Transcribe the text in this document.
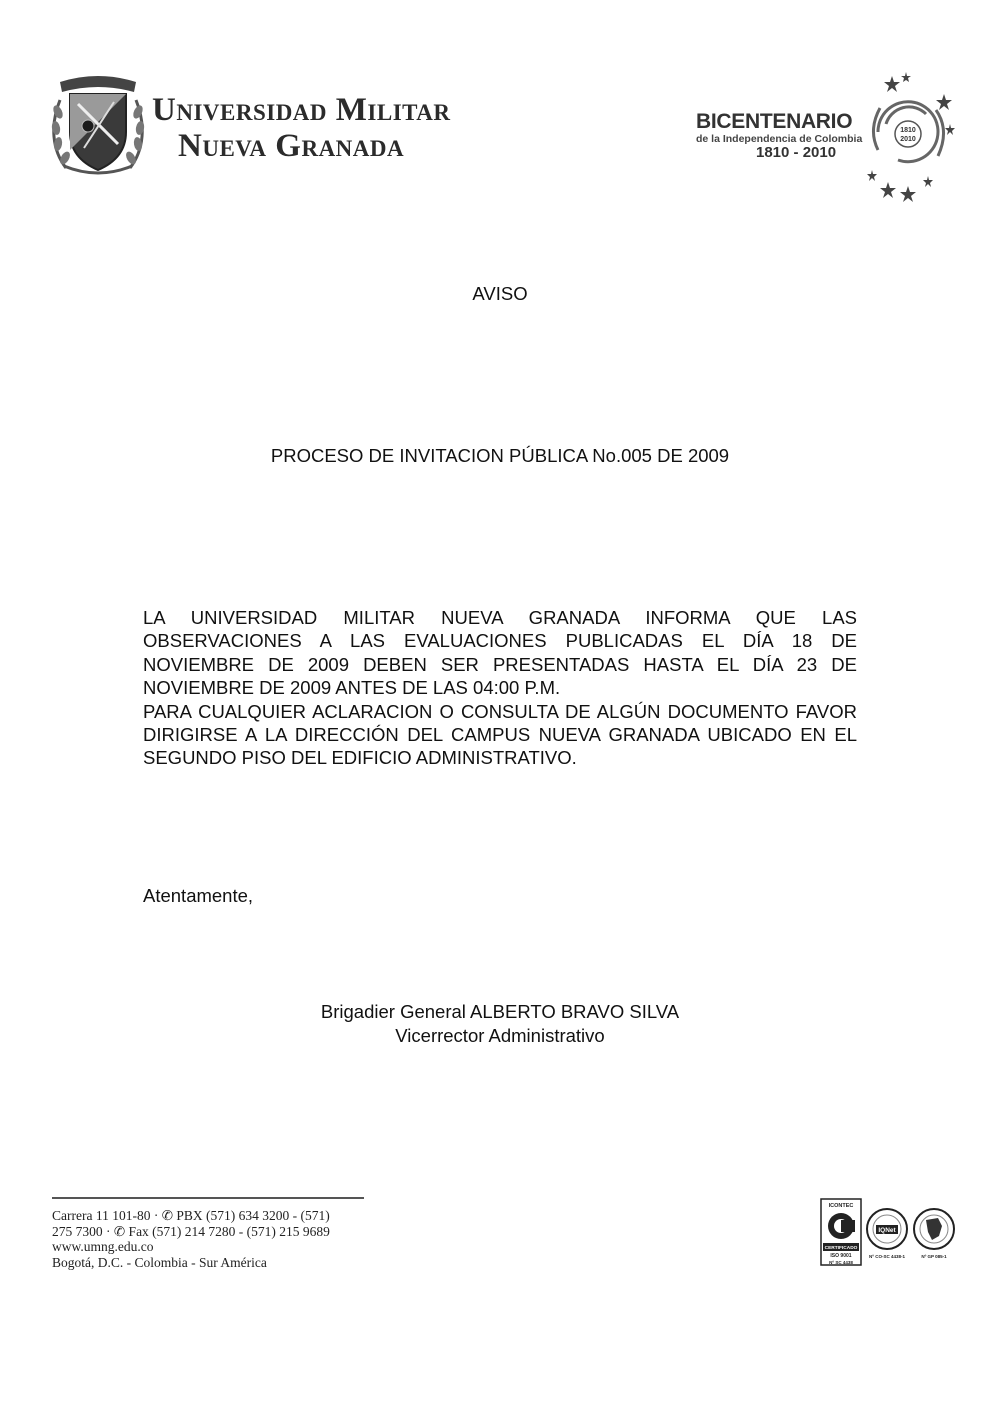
Universidad Militar
Nueva Granada
BICENTENARIO
de la Independencia de Colombia
1810 - 2010
1810
2010
AVISO
PROCESO DE INVITACION PÚBLICA No.005 DE 2009

LA UNIVERSIDAD MILITAR NUEVA GRANADA INFORMA QUE LAS OBSERVACIONES A LAS EVALUACIONES PUBLICADAS EL DÍA 18 DE NOVIEMBRE DE 2009 DEBEN SER PRESENTADAS HASTA EL DÍA 23 DE NOVIEMBRE DE 2009 ANTES DE LAS 04:00 P.M.

PARA CUALQUIER ACLARACION O CONSULTA DE ALGÚN DOCUMENTO FAVOR DIRIGIRSE A LA DIRECCIÓN DEL CAMPUS NUEVA GRANADA UBICADO EN EL SEGUNDO PISO DEL EDIFICIO ADMINISTRATIVO.

Atentamente,
Brigadier General ALBERTO BRAVO SILVA
Vicerrector Administrativo
Carrera 11 101-80 · ✆ PBX (571) 634 3200 - (571)
275 7300 · ✆ Fax (571) 214 7280 - (571) 215 9689
www.umng.edu.co
Bogotá, D.C. - Colombia - Sur América
ICONTEC
CERTIFICADO
ISO 9001
Nº SC 4438
IQNet
Nº CO-SC 4438-1	Nº GP 085-1
